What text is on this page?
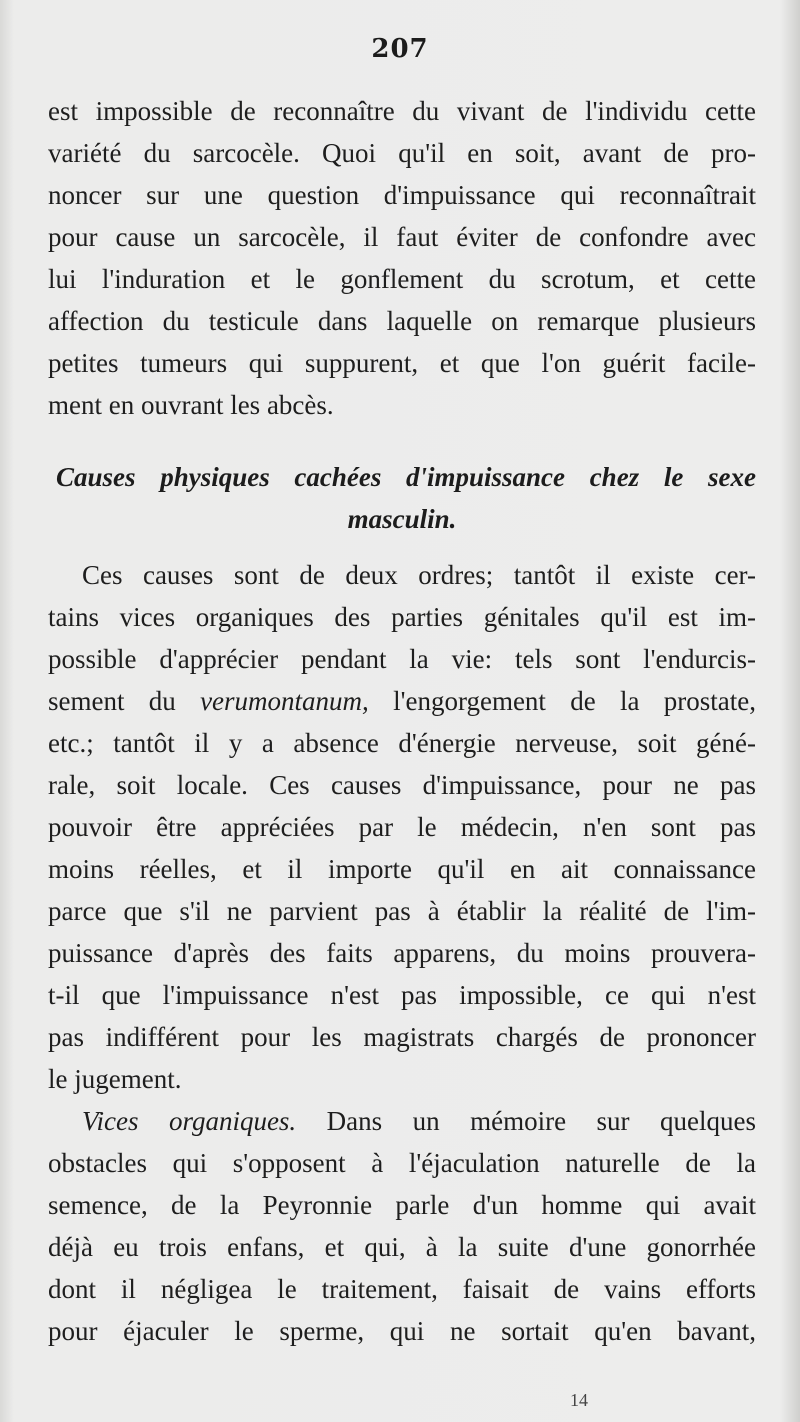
207
est impossible de reconnaître du vivant de l'individu cette
variété du sarcocèle. Quoi qu'il en soit, avant de pro-
noncer sur une question d'impuissance qui reconnaîtrait
pour cause un sarcocèle, il faut éviter de confondre avec
lui l'induration et le gonflement du scrotum, et cette
affection du testicule dans laquelle on remarque plusieurs
petites tumeurs qui suppurent, et que l'on guérit facile-
ment en ouvrant les abcès.
Causes physiques cachées d'impuissance chez le sexe
masculin.
Ces causes sont de deux ordres; tantôt il existe cer-
tains vices organiques des parties génitales qu'il est im-
possible d'apprécier pendant la vie: tels sont l'endurcis-
sement du verumontanum, l'engorgement de la prostate,
etc.; tantôt il y a absence d'énergie nerveuse, soit géné-
rale, soit locale. Ces causes d'impuissance, pour ne pas
pouvoir être appréciées par le médecin, n'en sont pas
moins réelles, et il importe qu'il en ait connaissance
parce que s'il ne parvient pas à établir la réalité de l'im-
puissance d'après des faits apparens, du moins prouvera-
t-il que l'impuissance n'est pas impossible, ce qui n'est
pas indifférent pour les magistrats chargés de prononcer
le jugement.
Vices organiques. Dans un mémoire sur quelques
obstacles qui s'opposent à l'éjaculation naturelle de la
semence, de la Peyronnie parle d'un homme qui avait
déjà eu trois enfans, et qui, à la suite d'une gonorrhée
dont il négligea le traitement, faisait de vains efforts
pour éjaculer le sperme, qui ne sortait qu'en bavant,
14
